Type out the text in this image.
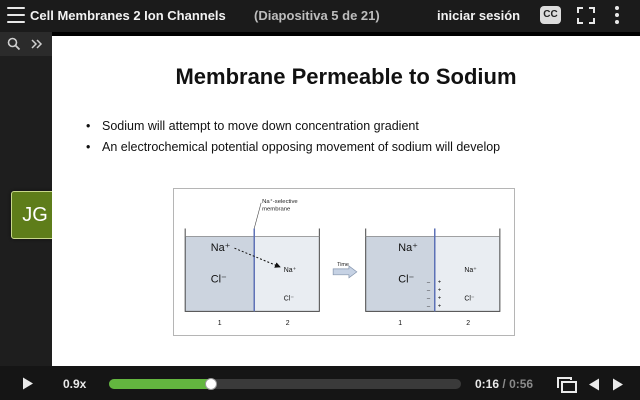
Cell Membranes 2 Ion Channels (Diapositiva 5 de 21)	iniciar sesión	CC
JG
Membrane Permeable to Sodium
• Sodium will attempt to move down concentration gradient
• An electrochemical potential opposing movement of sodium will develop
Na⁺-selective
membrane
Na⁺
Cl⁻
Na⁺
Cl⁻
1	2
Time
Na⁺
Cl⁻
Na⁺
Cl⁻
1	2
–
–
–
–
+
+
+
+
0.9x	0:16 / 0:56
